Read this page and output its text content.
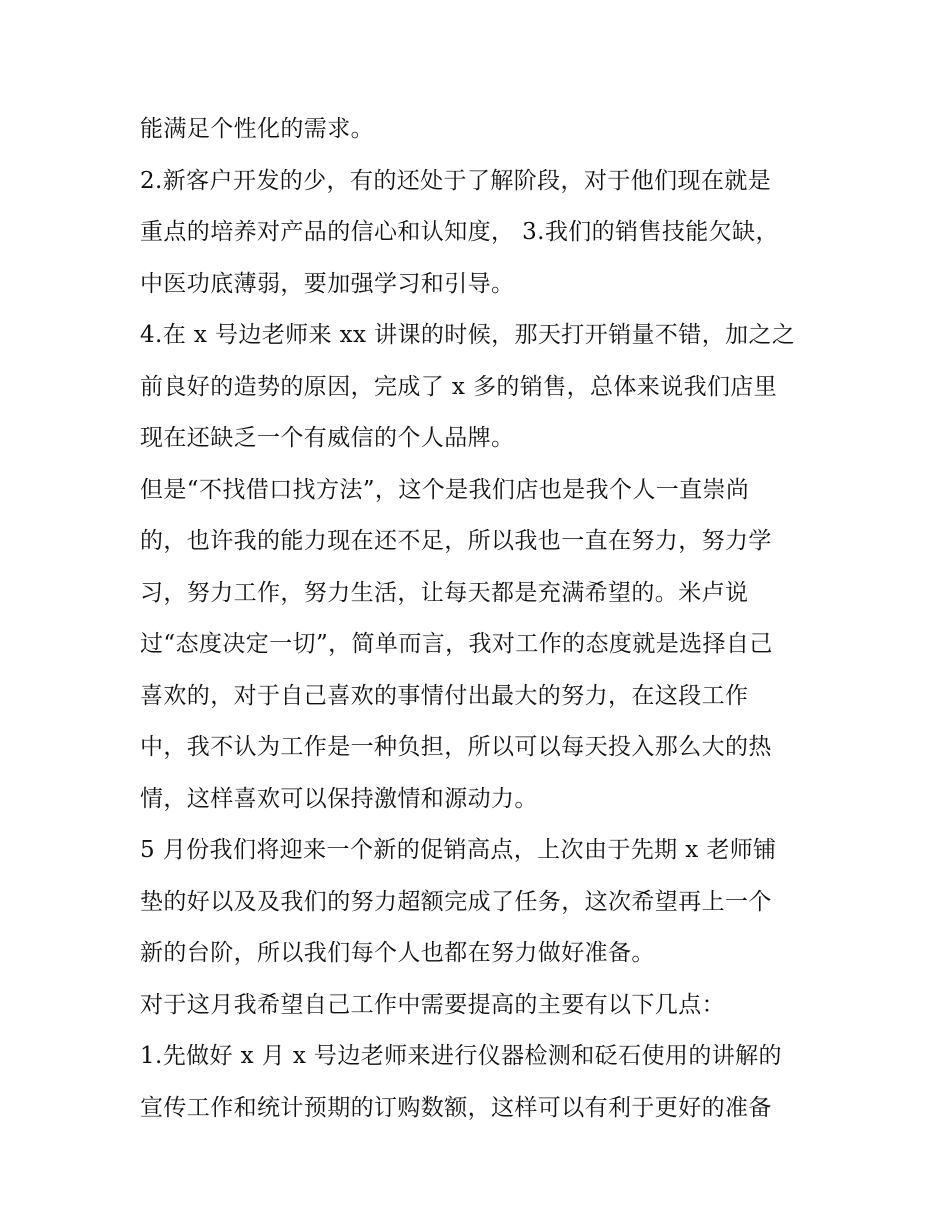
能满足个性化的需求。
2.新客户开发的少，有的还处于了解阶段，对于他们现在就是
重点的培养对产品的信心和认知度， 3.我们的销售技能欠缺，
中医功底薄弱，要加强学习和引导。
4.在 x 号边老师来 xx 讲课的时候，那天打开销量不错，加之之
前良好的造势的原因，完成了 x 多的销售，总体来说我们店里
现在还缺乏一个有威信的个人品牌。
但是“不找借口找方法”，这个是我们店也是我个人一直崇尚
的，也许我的能力现在还不足，所以我也一直在努力，努力学
习，努力工作，努力生活，让每天都是充满希望的。米卢说
过“态度决定一切”，简单而言，我对工作的态度就是选择自己
喜欢的，对于自己喜欢的事情付出最大的努力，在这段工作
中，我不认为工作是一种负担，所以可以每天投入那么大的热
情，这样喜欢可以保持激情和源动力。
5 月份我们将迎来一个新的促销高点，上次由于先期 x 老师铺
垫的好以及及我们的努力超额完成了任务，这次希望再上一个
新的台阶，所以我们每个人也都在努力做好准备。
对于这月我希望自己工作中需要提高的主要有以下几点：
1.先做好 x 月 x 号边老师来进行仪器检测和砭石使用的讲解的
宣传工作和统计预期的订购数额，这样可以有利于更好的准备
